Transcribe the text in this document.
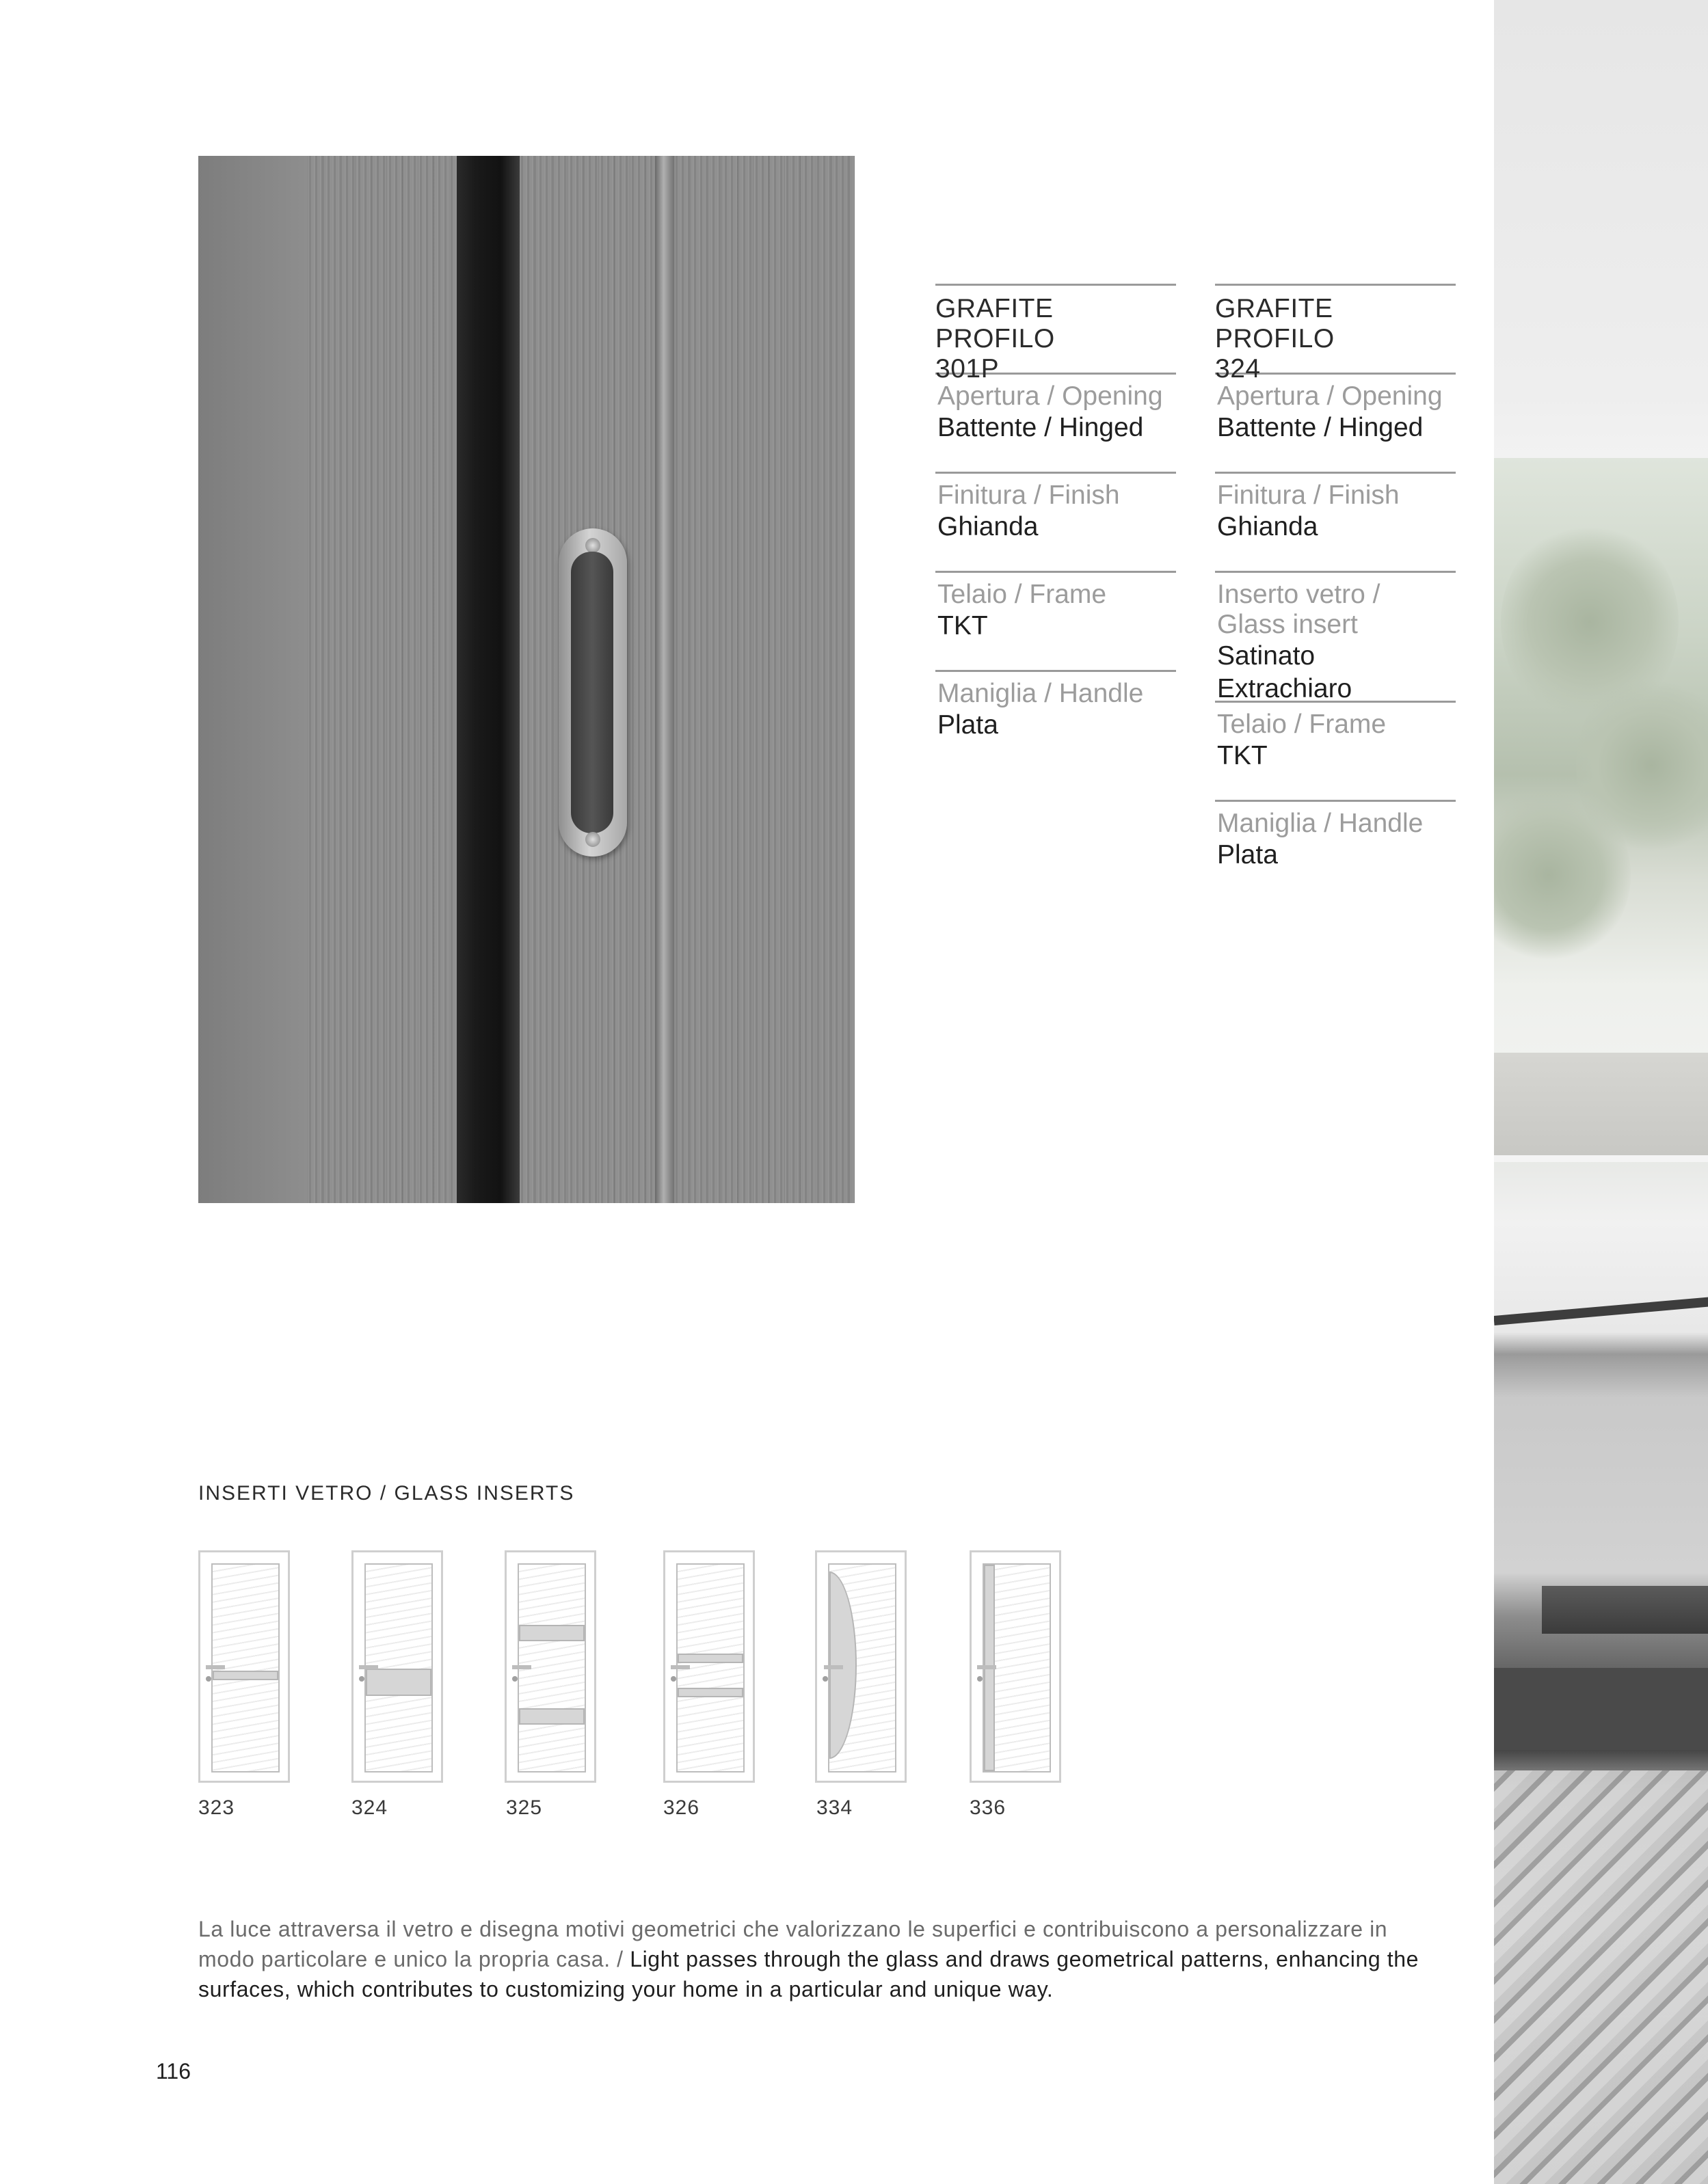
GRAFITE PROFILO
301P
Apertura / Opening
Battente / Hinged
Finitura / Finish
Ghianda
Telaio / Frame
TKT
Maniglia / Handle
Plata
GRAFITE PROFILO
324
Apertura / Opening
Battente / Hinged
Finitura / Finish
Ghianda
Inserto vetro /
Glass insert
Satinato Extrachiaro
Telaio / Frame
TKT
Maniglia / Handle
Plata
INSERTI VETRO / GLASS INSERTS
323	324	325	326	334	336
La luce attraversa il vetro e disegna motivi geometrici che valorizzano le superfici e contribuiscono a personalizzare in modo particolare e unico la propria casa. / Light passes through the glass and draws geometrical patterns, enhancing the surfaces, which contributes to customizing your home in a particular and unique way.
116
